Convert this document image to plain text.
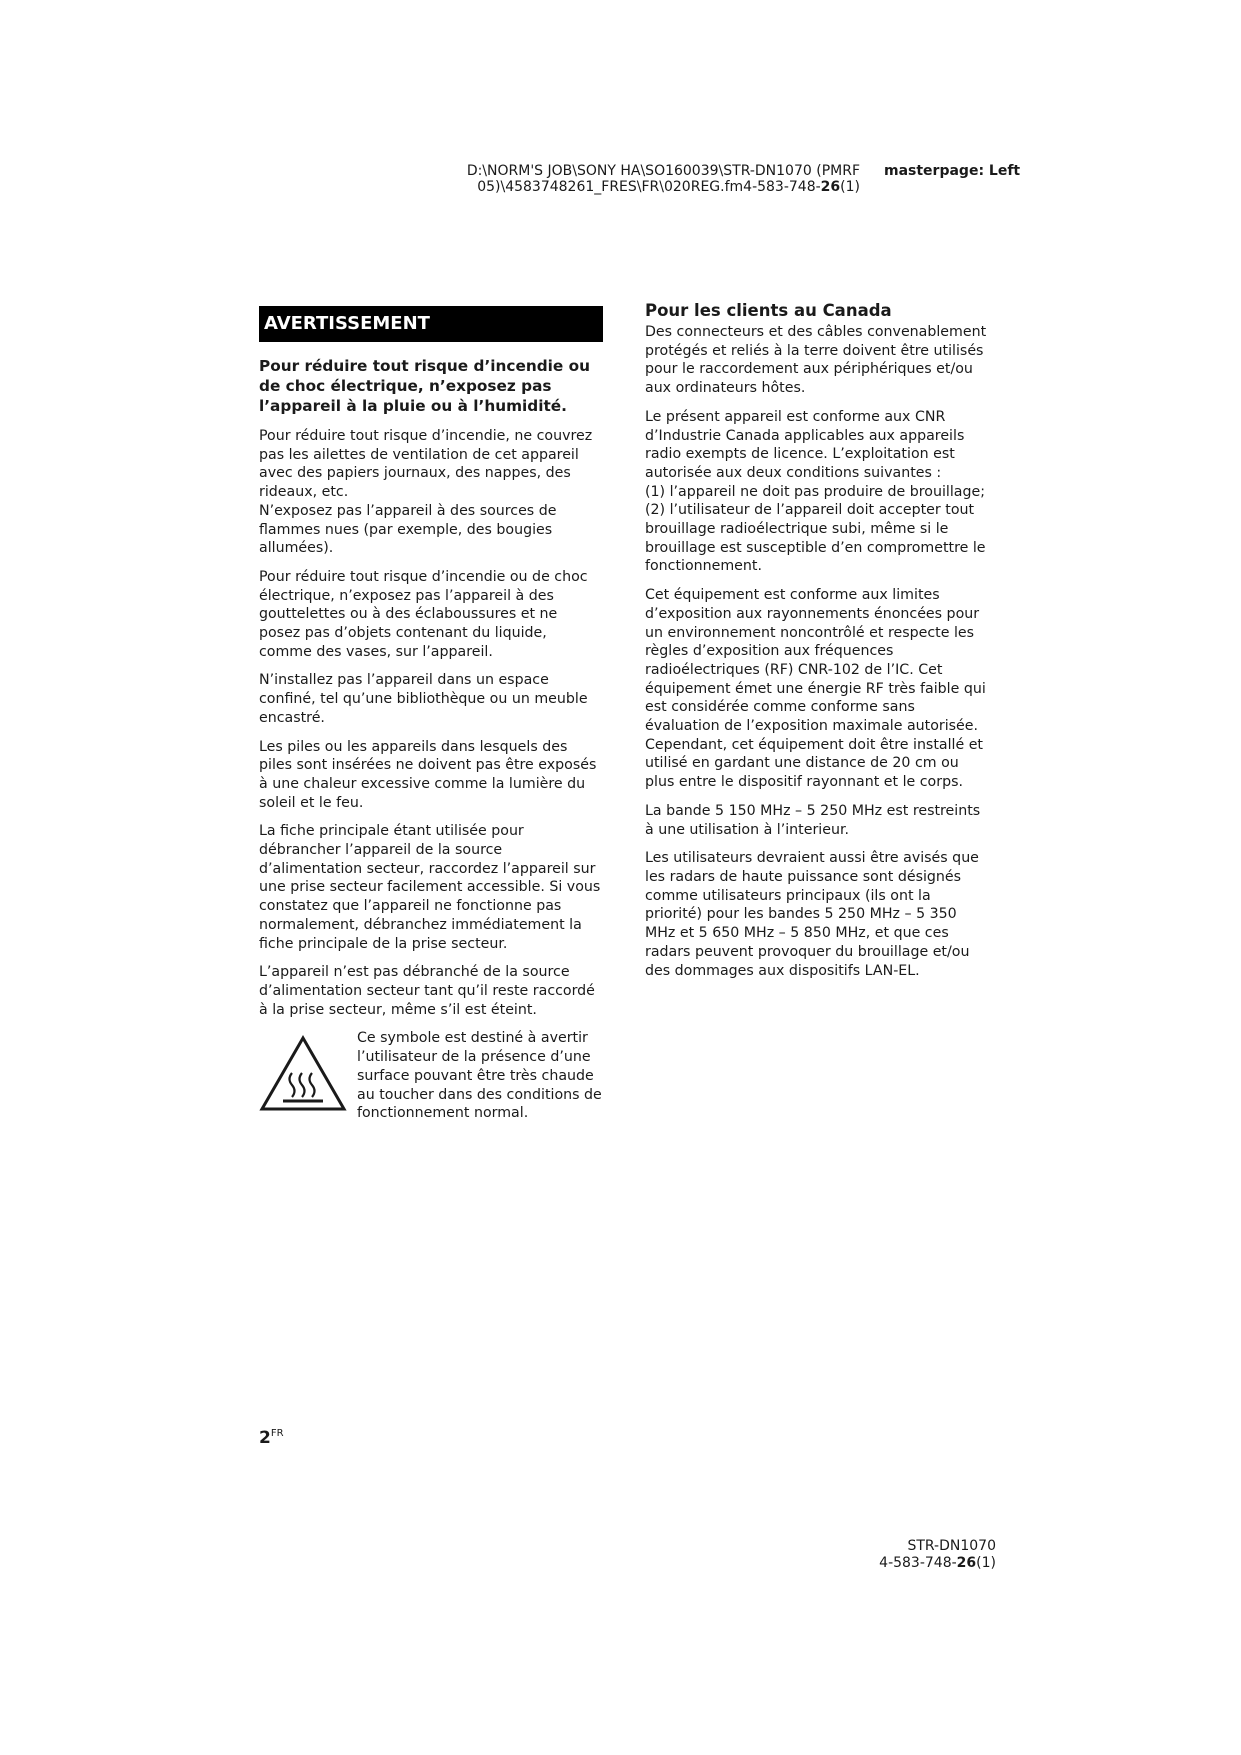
D:\NORM'S JOB\SONY HA\SO160039\STR-DN1070 (PMRF
05)\4583748261_FRES\FR\020REG.fm4-583-748-26(1)
masterpage: Left
AVERTISSEMENT
Pour réduire tout risque d’incendie ou de choc électrique, n’exposez pas l’appareil à la pluie ou à l’humidité.

Pour réduire tout risque d’incendie, ne couvrez pas les ailettes de ventilation de cet appareil avec des papiers journaux, des nappes, des rideaux, etc.
N’exposez pas l’appareil à des sources de flammes nues (par exemple, des bougies allumées).

Pour réduire tout risque d’incendie ou de choc électrique, n’exposez pas l’appareil à des gouttelettes ou à des éclaboussures et ne posez pas d’objets contenant du liquide, comme des vases, sur l’appareil.

N’installez pas l’appareil dans un espace confiné, tel qu’une bibliothèque ou un meuble encastré.

Les piles ou les appareils dans lesquels des piles sont insérées ne doivent pas être exposés à une chaleur excessive comme la lumière du soleil et le feu.

La fiche principale étant utilisée pour débrancher l’appareil de la source d’alimentation secteur, raccordez l’appareil sur une prise secteur facilement accessible. Si vous constatez que l’appareil ne fonctionne pas normalement, débranchez immédiatement la fiche principale de la prise secteur.

L’appareil n’est pas débranché de la source d’alimentation secteur tant qu’il reste raccordé à la prise secteur, même s’il est éteint.

Ce symbole est destiné à avertir l’utilisateur de la présence d’une surface pouvant être très chaude au toucher dans des conditions de fonctionnement normal.

Pour les clients au Canada

Des connecteurs et des câbles convenablement protégés et reliés à la terre doivent être utilisés pour le raccordement aux périphériques et/ou aux ordinateurs hôtes.

Le présent appareil est conforme aux CNR d’Industrie Canada applicables aux appareils radio exempts de licence. L’exploitation est autorisée aux deux conditions suivantes :
(1) l’appareil ne doit pas produire de brouillage;
(2) l’utilisateur de l’appareil doit accepter tout brouillage radioélectrique subi, même si le brouillage est susceptible d’en compromettre le fonctionnement.

Cet équipement est conforme aux limites d’exposition aux rayonnements énoncées pour un environnement noncontrôlé et respecte les règles d’exposition aux fréquences radioélectriques (RF) CNR-102 de l’IC. Cet équipement émet une énergie RF très faible qui est considérée comme conforme sans évaluation de l’exposition maximale autorisée. Cependant, cet équipement doit être installé et utilisé en gardant une distance de 20 cm ou plus entre le dispositif rayonnant et le corps.

La bande 5 150 MHz – 5 250 MHz est restreints à une utilisation à l’interieur.

Les utilisateurs devraient aussi être avisés que les radars de haute puissance sont désignés comme utilisateurs principaux (ils ont la priorité) pour les bandes 5 250 MHz – 5 350 MHz et 5 650 MHz – 5 850 MHz, et que ces radars peuvent provoquer du brouillage et/ou des dommages aux dispositifs LAN-EL.

$2^{FR}$
STR-DN1070
4-583-748-26(1)
